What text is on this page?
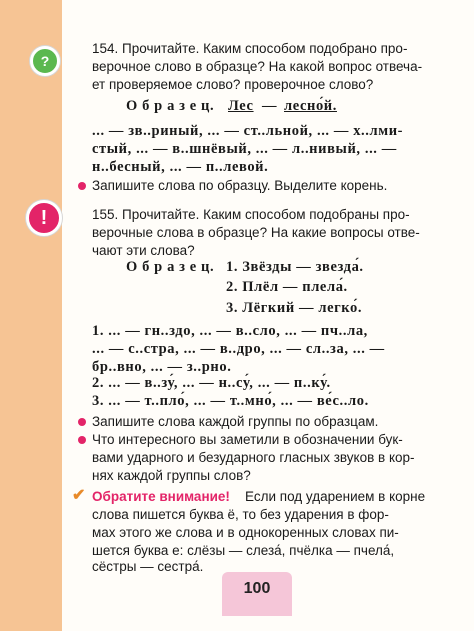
?
!
154. Прочитайте. Каким способом подобрано про-
верочное слово в образце? На какой вопрос отвеча-
ет проверяемое слово? проверочное слово?
О б р а з е ц. Лес — лесно́й.
... — зв..риный, ... — ст..льной, ... — х..лми-
стый, ... — в..шнёвый, ... — л..нивый, ... —
н..бесный, ... — п..левой.
Запишите слова по образцу. Выделите корень.
155. Прочитайте. Каким способом подобраны про-
верочные слова в образце? На какие вопросы отве-
чают эти слова?
О б р а з е ц. 1. Звёзды — звезда́.
2. Плёл — плела́.
3. Лёгкий — легко́.
1. ... — гн..здо, ... — в..сло, ... — пч..ла,
... — с..стра, ... — в..дро, ... — сл..за, ... —
бр..вно, ... — з..рно.
2. ... — в..зу́, ... — н..су́, ... — п..ку́.
3. ... — т..пло́, ... — т..мно́, ... — ве́с..ло.
Запишите слова каждой группы по образцам.
Что интересного вы заметили в обозначении бук-
вами ударного и безударного гласных звуков в кор-
нях каждой группы слов?
✔ Обратите внимание! Если под ударением в корне
слова пишется буква ё, то без ударения в фор-
мах этого же слова и в однокоренных словах пи-
шется буква е: слёзы — слеза́, пчёлка — пчела́,
сёстры — сестра́.
100
